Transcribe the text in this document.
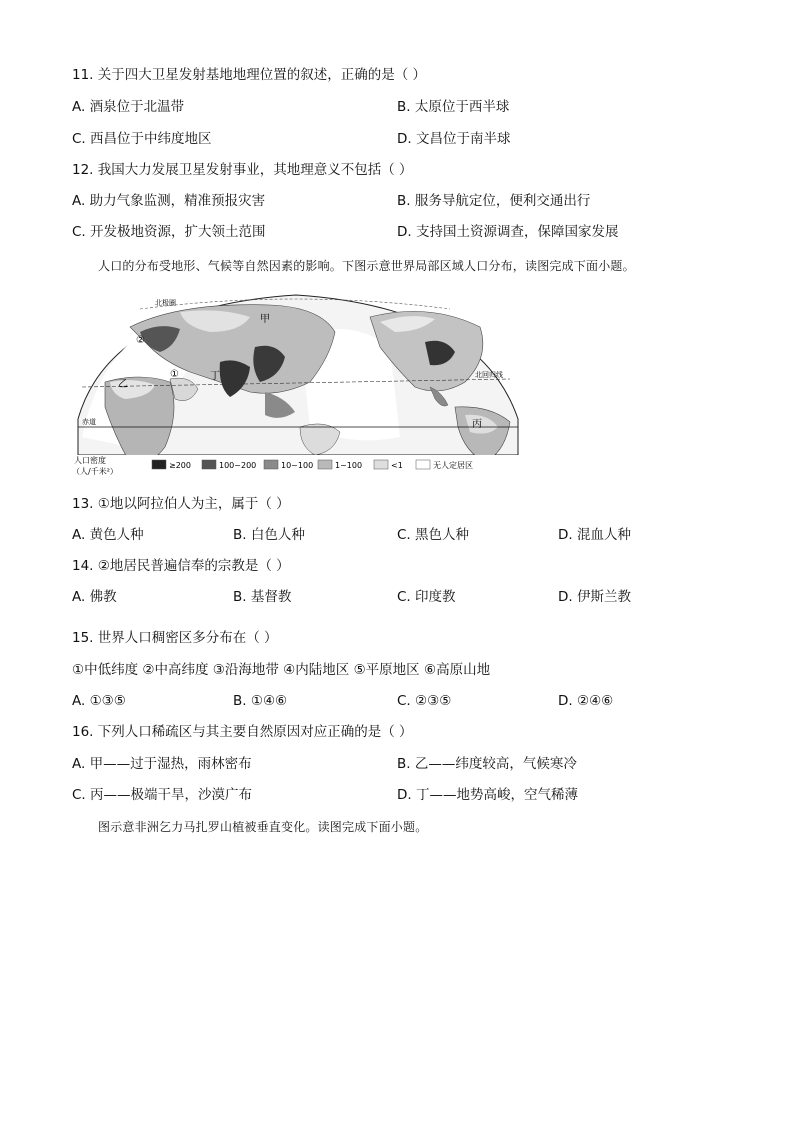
11. 关于四大卫星发射基地地理位置的叙述，正确的是（ ）
A. 酒泉位于北温带	B. 太原位于西半球
C. 西昌位于中纬度地区	D. 文昌位于南半球
12. 我国大力发展卫星发射事业，其地理意义不包括（ ）
A. 助力气象监测，精准预报灾害	B. 服务导航定位，便利交通出行
C. 开发极地资源，扩大领土范围	D. 支持国土资源调查，保障国家发展
人口的分布受地形、气候等自然因素的影响。下图示意世界局部区域人口分布，读图完成下面小题。
北极圈
北回归线
赤道
甲
乙
丙
丁
②
①
人口密度
（人/千米²）
≥200	100~200	10~100	1~100	<1	无人定居区
13. ①地以阿拉伯人为主，属于（ ）
A. 黄色人种	B. 白色人种	C. 黑色人种	D. 混血人种
14. ②地居民普遍信奉的宗教是（ ）
A. 佛教	B. 基督教	C. 印度教	D. 伊斯兰教
15. 世界人口稠密区多分布在（ ）
①中低纬度 ②中高纬度 ③沿海地带 ④内陆地区 ⑤平原地区 ⑥高原山地
A. ①③⑤	B. ①④⑥	C. ②③⑤	D. ②④⑥
16. 下列人口稀疏区与其主要自然原因对应正确的是（ ）
A. 甲——过于湿热，雨林密布	B. 乙——纬度较高，气候寒冷
C. 丙——极端干旱，沙漠广布	D. 丁——地势高峻，空气稀薄
图示意非洲乞力马扎罗山植被垂直变化。读图完成下面小题。
